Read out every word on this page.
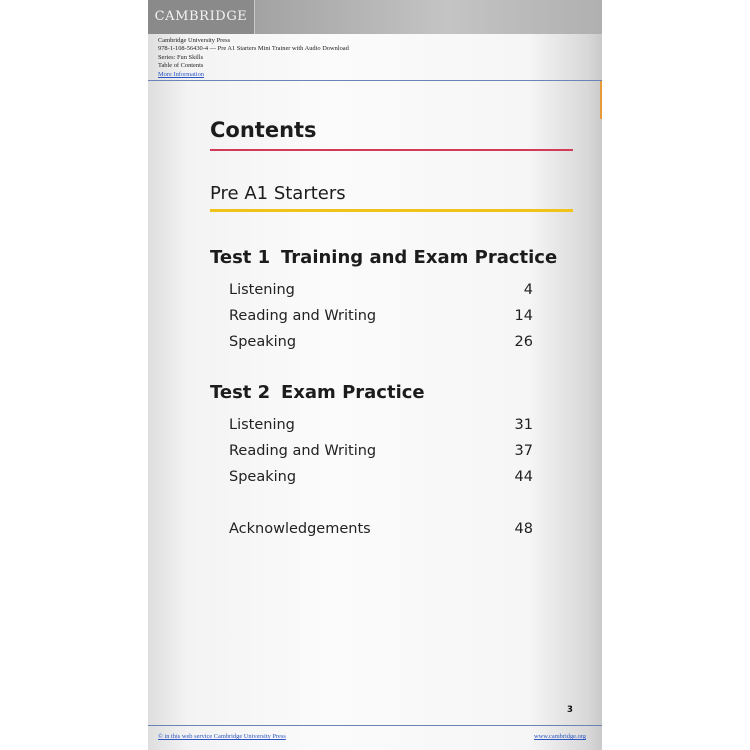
CAMBRIDGE
Cambridge University Press
978-1-108-56430-4 — Pre A1 Starters Mini Trainer with Audio Download
Series: Fun Skills
Table of Contents
More Information
Contents
Pre A1 Starters
Test 1 Training and Exam Practice
Listening	4
Reading and Writing	14
Speaking	26
Test 2 Exam Practice
Listening	31
Reading and Writing	37
Speaking	44
Acknowledgements	48
3
© in this web service Cambridge University Press	www.cambridge.org
